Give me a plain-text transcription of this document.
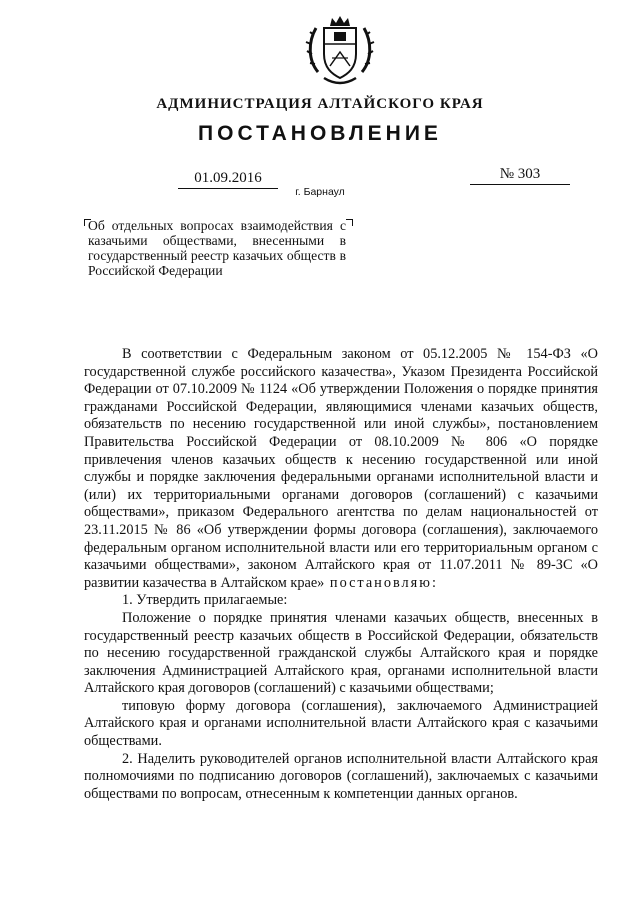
АДМИНИСТРАЦИЯ АЛТАЙСКОГО КРАЯ
ПОСТАНОВЛЕНИЕ
01.09.2016	№ 303
г. Барнаул
Об отдельных вопросах взаимодействия с казачьими обществами, внесенными в государственный реестр казачьих обществ в Российской Федерации

В соответствии с Федеральным законом от 05.12.2005 № 154-ФЗ «О государственной службе российского казачества», Указом Президента Российской Федерации от 07.10.2009 № 1124 «Об утверждении Положения о порядке принятия гражданами Российской Федерации, являющимися членами казачьих обществ, обязательств по несению государственной или иной службы», постановлением Правительства Российской Федерации от 08.10.2009 № 806 «О порядке привлечения членов казачьих обществ к несению государственной или иной службы и порядке заключения федеральными органами исполнительной власти и (или) их территориальными органами договоров (соглашений) с казачьими обществами», приказом Федерального агентства по делам национальностей от 23.11.2015 № 86 «Об утверждении формы договора (соглашения), заключаемого федеральным органом исполнительной власти или его территориальным органом с казачьими обществами», законом Алтайского края от 11.07.2011 № 89-ЗС «О развитии казачества в Алтайском крае» постановляю:

1. Утвердить прилагаемые:

Положение о порядке принятия членами казачьих обществ, внесенных в государственный реестр казачьих обществ в Российской Федерации, обязательств по несению государственной гражданской службы Алтайского края и порядке заключения Администрацией Алтайского края, органами исполнительной власти Алтайского края договоров (соглашений) с казачьими обществами;

типовую форму договора (соглашения), заключаемого Администрацией Алтайского края и органами исполнительной власти Алтайского края с казачьими обществами.

2. Наделить руководителей органов исполнительной власти Алтайского края полномочиями по подписанию договоров (соглашений), заключаемых с казачьими обществами по вопросам, отнесенным к компетенции данных органов.
